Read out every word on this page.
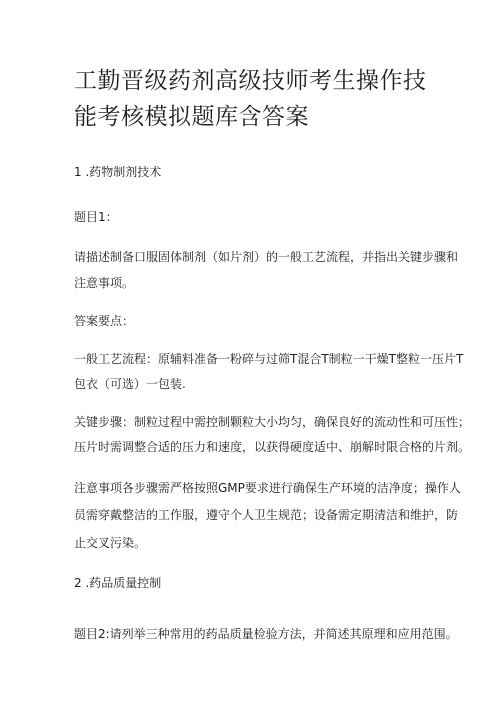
工勤晋级药剂高级技师考生操作技
能考核模拟题库含答案
1 .药物制剂技术
题目1：
请描述制备口服固体制剂（如片剂）的一般工艺流程，并指出关键步骤和
注意事项。
答案要点：
一般工艺流程：原辅料准备一粉碎与过筛T混合T制粒一干燥T整粒一压片T
包衣（可选）一包装.
关键步骤：制粒过程中需控制颗粒大小均匀，确保良好的流动性和可压性；
压片时需调整合适的压力和速度，以获得硬度适中、崩解时限合格的片剂。
注意事项各步骤需严格按照GMP要求进行确保生产环境的洁净度；操作人
员需穿戴整洁的工作服，遵守个人卫生规范；设备需定期清洁和维护，防
止交叉污染。
2 .药品质量控制
题目2:请列举三种常用的药品质量检验方法，并简述其原理和应用范围。
